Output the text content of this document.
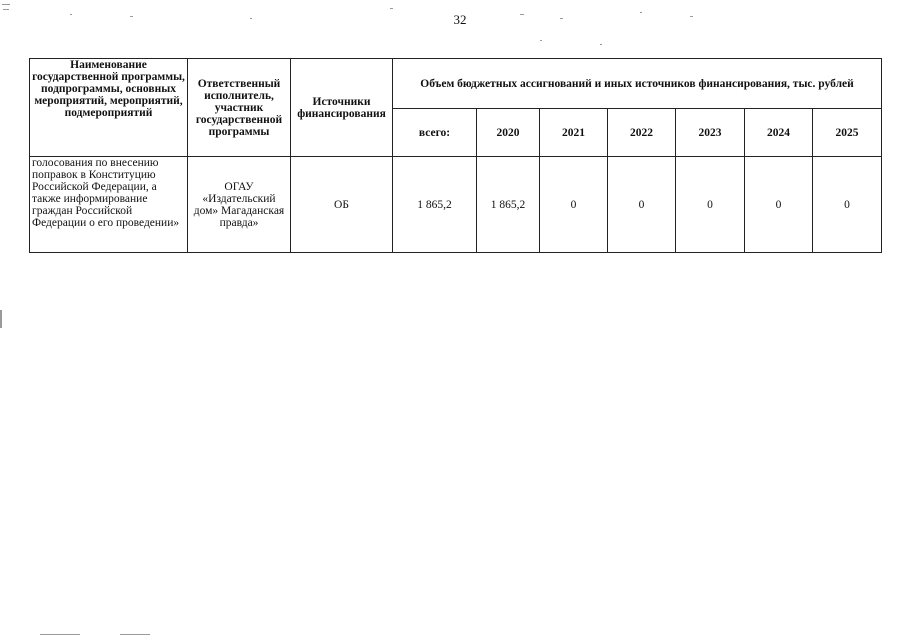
32
Наименование государственной программы, подпрограммы, основных мероприятий, мероприятий, подмероприятий	Ответственный исполнитель, участник государственной программы	Источники финансирования	Объем бюджетных ассигнований и иных источников финансирования, тыс. рублей						
			всего:	2020	2021	2022	2023	2024	2025
голосования по внесению поправок в Конституцию Российской Федерации, а также информирование граждан Российской Федерации о его проведении»	ОГАУ «Издательский дом» Магаданская правда»	ОБ	1 865,2	1 865,2	0	0	0	0	0
